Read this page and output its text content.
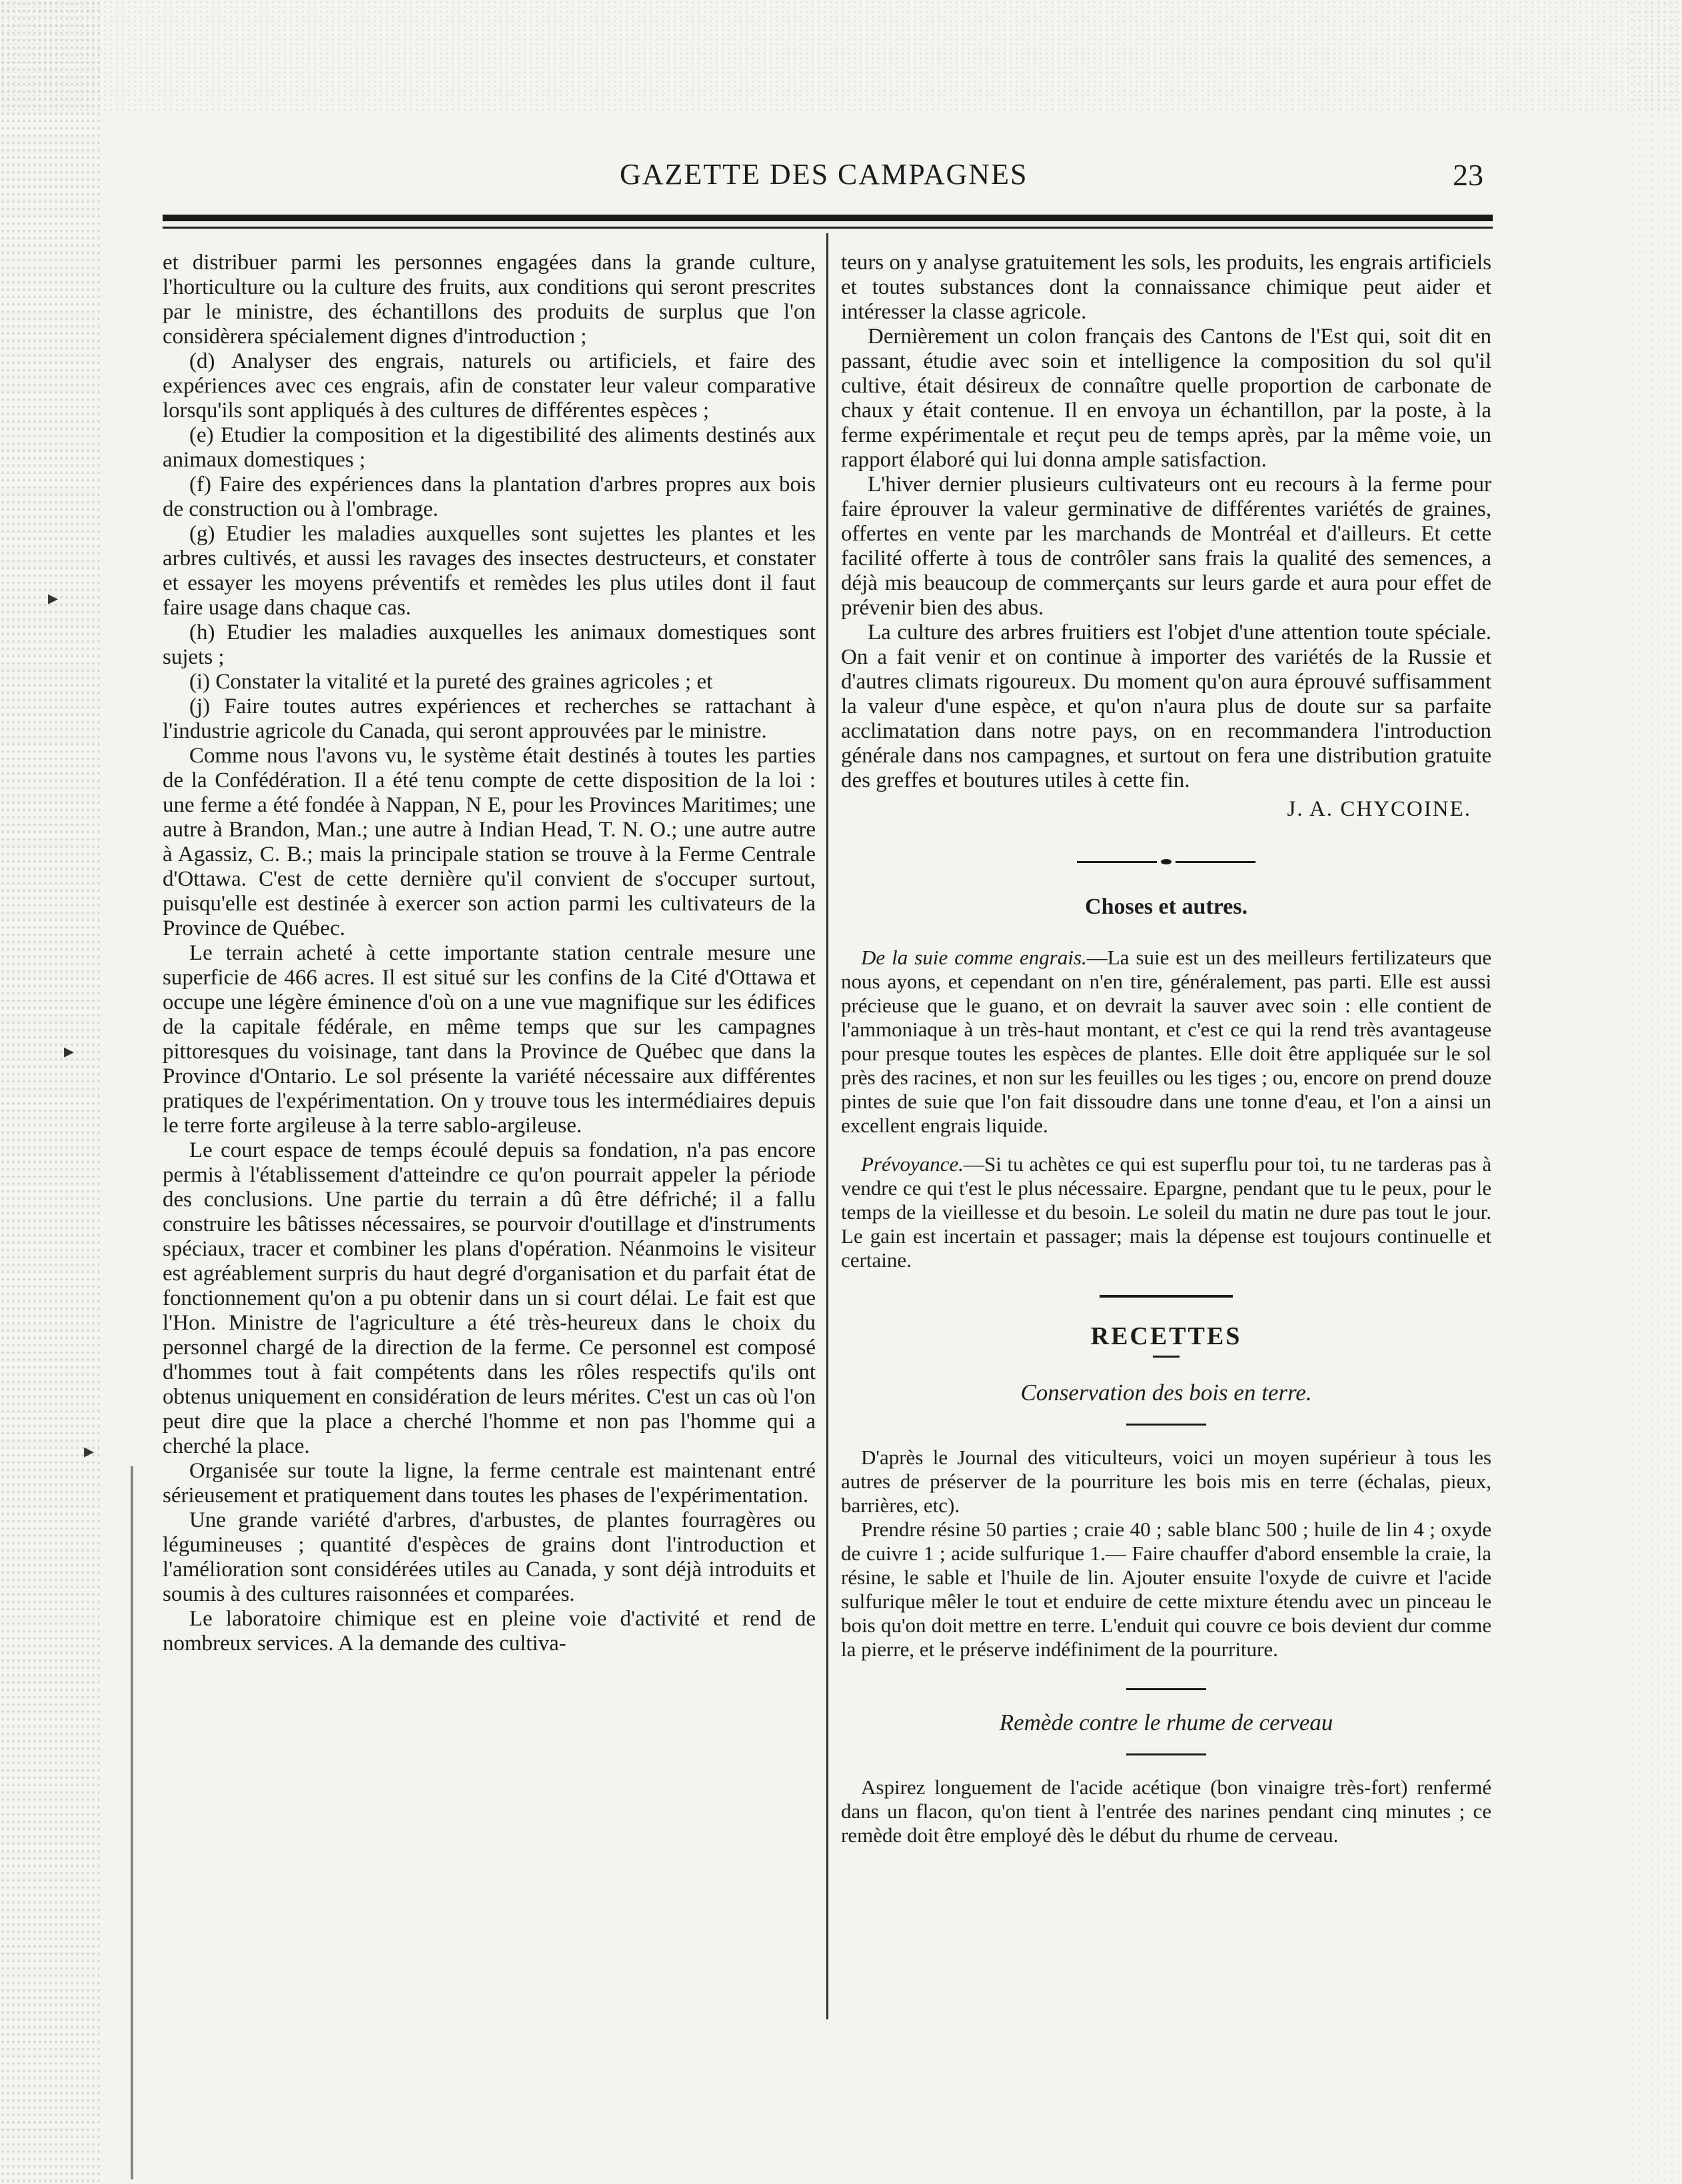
▸
▸
▸
GAZETTE DES CAMPAGNES	23

et distribuer parmi les personnes engagées dans la grande culture, l'horticulture ou la culture des fruits, aux conditions qui seront prescrites par le ministre, des échantillons des produits de surplus que l'on considèrera spécialement dignes d'introduction ;

(d) Analyser des engrais, naturels ou artificiels, et faire des expériences avec ces engrais, afin de constater leur valeur comparative lorsqu'ils sont appliqués à des cultures de différentes espèces ;

(e) Etudier la composition et la digestibilité des aliments destinés aux animaux domestiques ;

(f) Faire des expériences dans la plantation d'arbres propres aux bois de construction ou à l'ombrage.

(g) Etudier les maladies auxquelles sont sujettes les plantes et les arbres cultivés, et aussi les ravages des insectes destructeurs, et constater et essayer les moyens préventifs et remèdes les plus utiles dont il faut faire usage dans chaque cas.

(h) Etudier les maladies auxquelles les animaux domestiques sont sujets ;

(i) Constater la vitalité et la pureté des graines agricoles ; et

(j) Faire toutes autres expériences et recherches se rattachant à l'industrie agricole du Canada, qui seront approuvées par le ministre.

Comme nous l'avons vu, le système était destinés à toutes les parties de la Confédération. Il a été tenu compte de cette disposition de la loi : une ferme a été fondée à Nappan, N E, pour les Provinces Maritimes; une autre à Brandon, Man.; une autre à Indian Head, T. N. O.; une autre autre à Agassiz, C. B.; mais la principale station se trouve à la Ferme Centrale d'Ottawa. C'est de cette dernière qu'il convient de s'occuper surtout, puisqu'elle est destinée à exercer son action parmi les cultivateurs de la Province de Québec.

Le terrain acheté à cette importante station centrale mesure une superficie de 466 acres. Il est situé sur les confins de la Cité d'Ottawa et occupe une légère éminence d'où on a une vue magnifique sur les édifices de la capitale fédérale, en même temps que sur les campagnes pittoresques du voisinage, tant dans la Province de Québec que dans la Province d'Ontario. Le sol présente la variété nécessaire aux différentes pratiques de l'expérimentation. On y trouve tous les intermédiaires depuis le terre forte argileuse à la terre sablo-argileuse.

Le court espace de temps écoulé depuis sa fondation, n'a pas encore permis à l'établissement d'atteindre ce qu'on pourrait appeler la période des conclusions. Une partie du terrain a dû être défriché; il a fallu construire les bâtisses nécessaires, se pourvoir d'outillage et d'instruments spéciaux, tracer et combiner les plans d'opération. Néanmoins le visiteur est agréablement surpris du haut degré d'organisation et du parfait état de fonctionnement qu'on a pu obtenir dans un si court délai. Le fait est que l'Hon. Ministre de l'agriculture a été très-heureux dans le choix du personnel chargé de la direction de la ferme. Ce personnel est composé d'hommes tout à fait compétents dans les rôles respectifs qu'ils ont obtenus uniquement en considération de leurs mérites. C'est un cas où l'on peut dire que la place a cherché l'homme et non pas l'homme qui a cherché la place.

Organisée sur toute la ligne, la ferme centrale est maintenant entré sérieusement et pratiquement dans toutes les phases de l'expérimentation.

Une grande variété d'arbres, d'arbustes, de plantes fourragères ou légumineuses ; quantité d'espèces de grains dont l'introduction et l'amélioration sont considérées utiles au Canada, y sont déjà introduits et soumis à des cultures raisonnées et comparées.

Le laboratoire chimique est en pleine voie d'activité et rend de nombreux services. A la demande des cultiva-

teurs on y analyse gratuitement les sols, les produits, les engrais artificiels et toutes substances dont la connaissance chimique peut aider et intéresser la classe agricole.

Dernièrement un colon français des Cantons de l'Est qui, soit dit en passant, étudie avec soin et intelligence la composition du sol qu'il cultive, était désireux de connaître quelle proportion de carbonate de chaux y était contenue. Il en envoya un échantillon, par la poste, à la ferme expérimentale et reçut peu de temps après, par la même voie, un rapport élaboré qui lui donna ample satisfaction.

L'hiver dernier plusieurs cultivateurs ont eu recours à la ferme pour faire éprouver la valeur germinative de différentes variétés de graines, offertes en vente par les marchands de Montréal et d'ailleurs. Et cette facilité offerte à tous de contrôler sans frais la qualité des semences, a déjà mis beaucoup de commerçants sur leurs garde et aura pour effet de prévenir bien des abus.

La culture des arbres fruitiers est l'objet d'une attention toute spéciale. On a fait venir et on continue à importer des variétés de la Russie et d'autres climats rigoureux. Du moment qu'on aura éprouvé suffisamment la valeur d'une espèce, et qu'on n'aura plus de doute sur sa parfaite acclimatation dans notre pays, on en recommandera l'introduction générale dans nos campagnes, et surtout on fera une distribution gratuite des greffes et boutures utiles à cette fin.

J. A. CHYCOINE.
Choses et autres.

De la suie comme engrais.—La suie est un des meilleurs fertilizateurs que nous ayons, et cependant on n'en tire, généralement, pas parti. Elle est aussi précieuse que le guano, et on devrait la sauver avec soin : elle contient de l'ammoniaque à un très-haut montant, et c'est ce qui la rend très avantageuse pour presque toutes les espèces de plantes. Elle doit être appliquée sur le sol près des racines, et non sur les feuilles ou les tiges ; ou, encore on prend douze pintes de suie que l'on fait dissoudre dans une tonne d'eau, et l'on a ainsi un excellent engrais liquide.

Prévoyance.—Si tu achètes ce qui est superflu pour toi, tu ne tarderas pas à vendre ce qui t'est le plus nécessaire. Epargne, pendant que tu le peux, pour le temps de la vieillesse et du besoin. Le soleil du matin ne dure pas tout le jour. Le gain est incertain et passager; mais la dépense est toujours continuelle et certaine.

RECETTES
Conservation des bois en terre.

D'après le Journal des viticulteurs, voici un moyen supérieur à tous les autres de préserver de la pourriture les bois mis en terre (échalas, pieux, barrières, etc).

Prendre résine 50 parties ; craie 40 ; sable blanc 500 ; huile de lin 4 ; oxyde de cuivre 1 ; acide sulfurique 1.— Faire chauffer d'abord ensemble la craie, la résine, le sable et l'huile de lin. Ajouter ensuite l'oxyde de cuivre et l'acide sulfurique mêler le tout et enduire de cette mixture étendu avec un pinceau le bois qu'on doit mettre en terre. L'enduit qui couvre ce bois devient dur comme la pierre, et le préserve indéfiniment de la pourriture.

Remède contre le rhume de cerveau

Aspirez longuement de l'acide acétique (bon vinaigre très-fort) renfermé dans un flacon, qu'on tient à l'entrée des narines pendant cinq minutes ; ce remède doit être employé dès le début du rhume de cerveau.
